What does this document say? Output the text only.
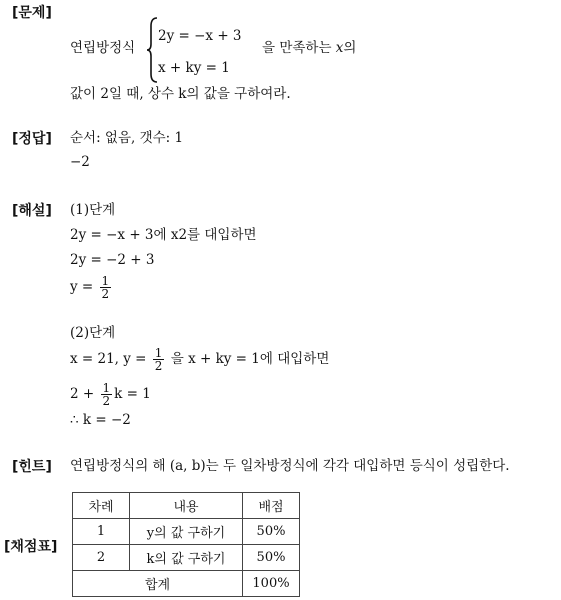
[문제]
연립방정식
2y = −x + 3
x + ky = 1
을 만족하는 x의
값이 2일 때, 상수 k의 값을 구하여라.
[정답] 순서: 없음, 갯수: 1
−2
[해설] (1)단계
2y = −x + 3에 x2를 대입하면
2y = −2 + 3
$y = \frac{1}{2}$
(2)단계
x = 21, $y = \frac{1}{2}$ 을 x + ky = 1에 대입하면
$2 + \frac{1}{2}$ k = 1
∴ k = −2
[힌트] 연립방정식의 해 (a, b)는 두 일차방정식에 각각 대입하면 등식이 성립한다.
[채점표]
차례	내용	배점
1	y의 값 구하기	50%
2	k의 값 구하기	50%
합계		100%
